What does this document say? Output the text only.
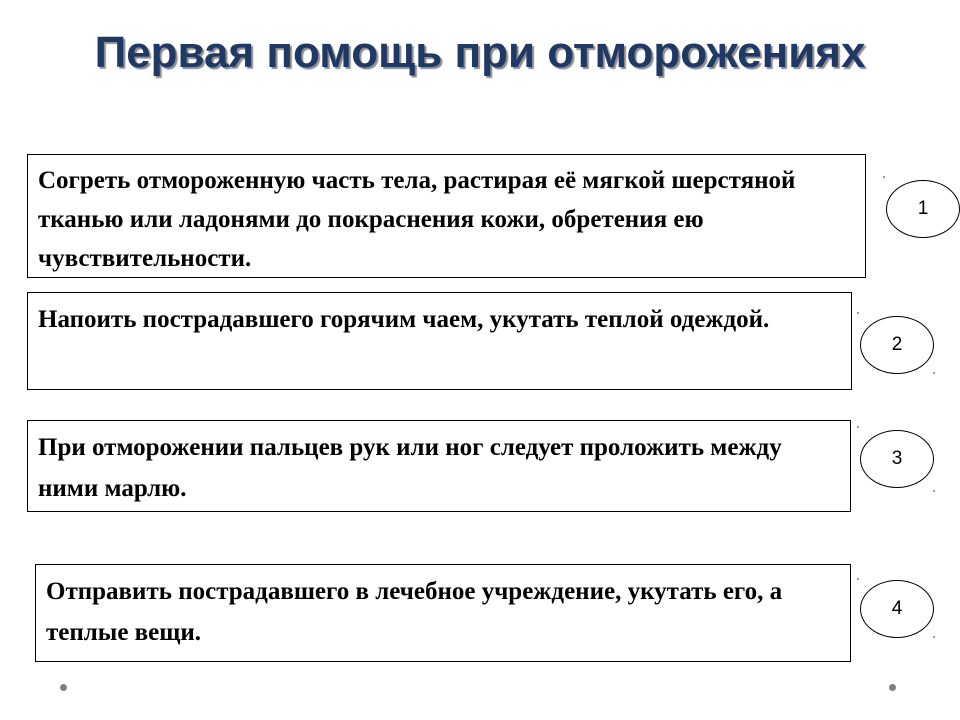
Первая помощь при отморожениях

Согреть отмороженную часть тела, растирая её мягкой шерстяной тканью или ладонями до покраснения кожи, обретения ею чувствительности.

1

Напоить пострадавшего горячим чаем, укутать теплой одеждой.

2

При отморожении пальцев рук или ног следует проложить между ними марлю.

3

Отправить пострадавшего в лечебное учреждение, укутать его, а теплые вещи.

4
